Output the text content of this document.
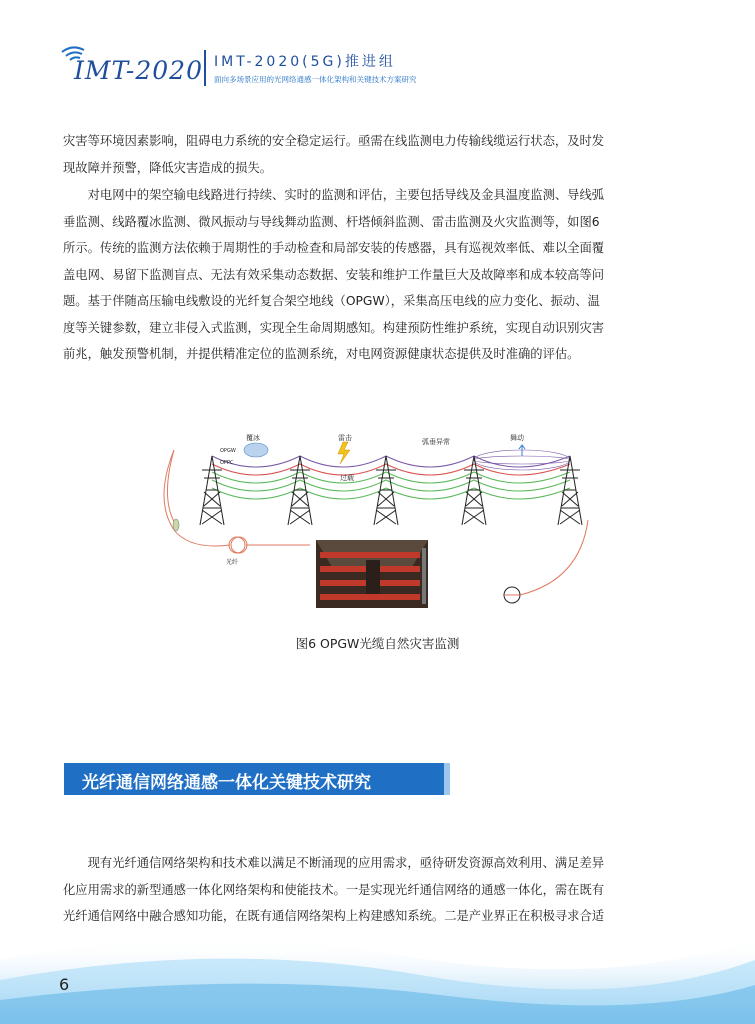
IMT-2020 IMT-2020(5G)推进组
面向多场景应用的光网络通感一体化架构和关键技术方案研究
灾害等环境因素影响，阻碍电力系统的安全稳定运行。亟需在线监测电力传输线缆运行状态，及时发
现故障并预警，降低灾害造成的损失。
　　对电网中的架空输电线路进行持续、实时的监测和评估，主要包括导线及金具温度监测、导线弧
垂监测、线路覆冰监测、微风振动与导线舞动监测、杆塔倾斜监测、雷击监测及火灾监测等，如图6
所示。传统的监测方法依赖于周期性的手动检查和局部安装的传感器，具有巡视效率低、难以全面覆
盖电网、易留下监测盲点、无法有效采集动态数据、安装和维护工作量巨大及故障率和成本较高等问
题。基于伴随高压输电线敷设的光纤复合架空地线（OPGW），采集高压电线的应力变化、振动、温
度等关键参数，建立非侵入式监测，实现全生命周期感知。构建预防性维护系统，实现自动识别灾害
前兆，触发预警机制，并提供精准定位的监测系统，对电网资源健康状态提供及时准确的评估。
覆冰	雷击	弧垂异常	舞动
过载
OPGW
OPPC
光纤
图6 OPGW光缆自然灾害监测
光纤通信网络通感一体化关键技术研究
　　现有光纤通信网络架构和技术难以满足不断涌现的应用需求，亟待研发资源高效利用、满足差异
化应用需求的新型通感一体化网络架构和使能技术。一是实现光纤通信网络的通感一体化，需在既有
光纤通信网络中融合感知功能，在既有通信网络架构上构建感知系统。二是产业界正在积极寻求合适
6
